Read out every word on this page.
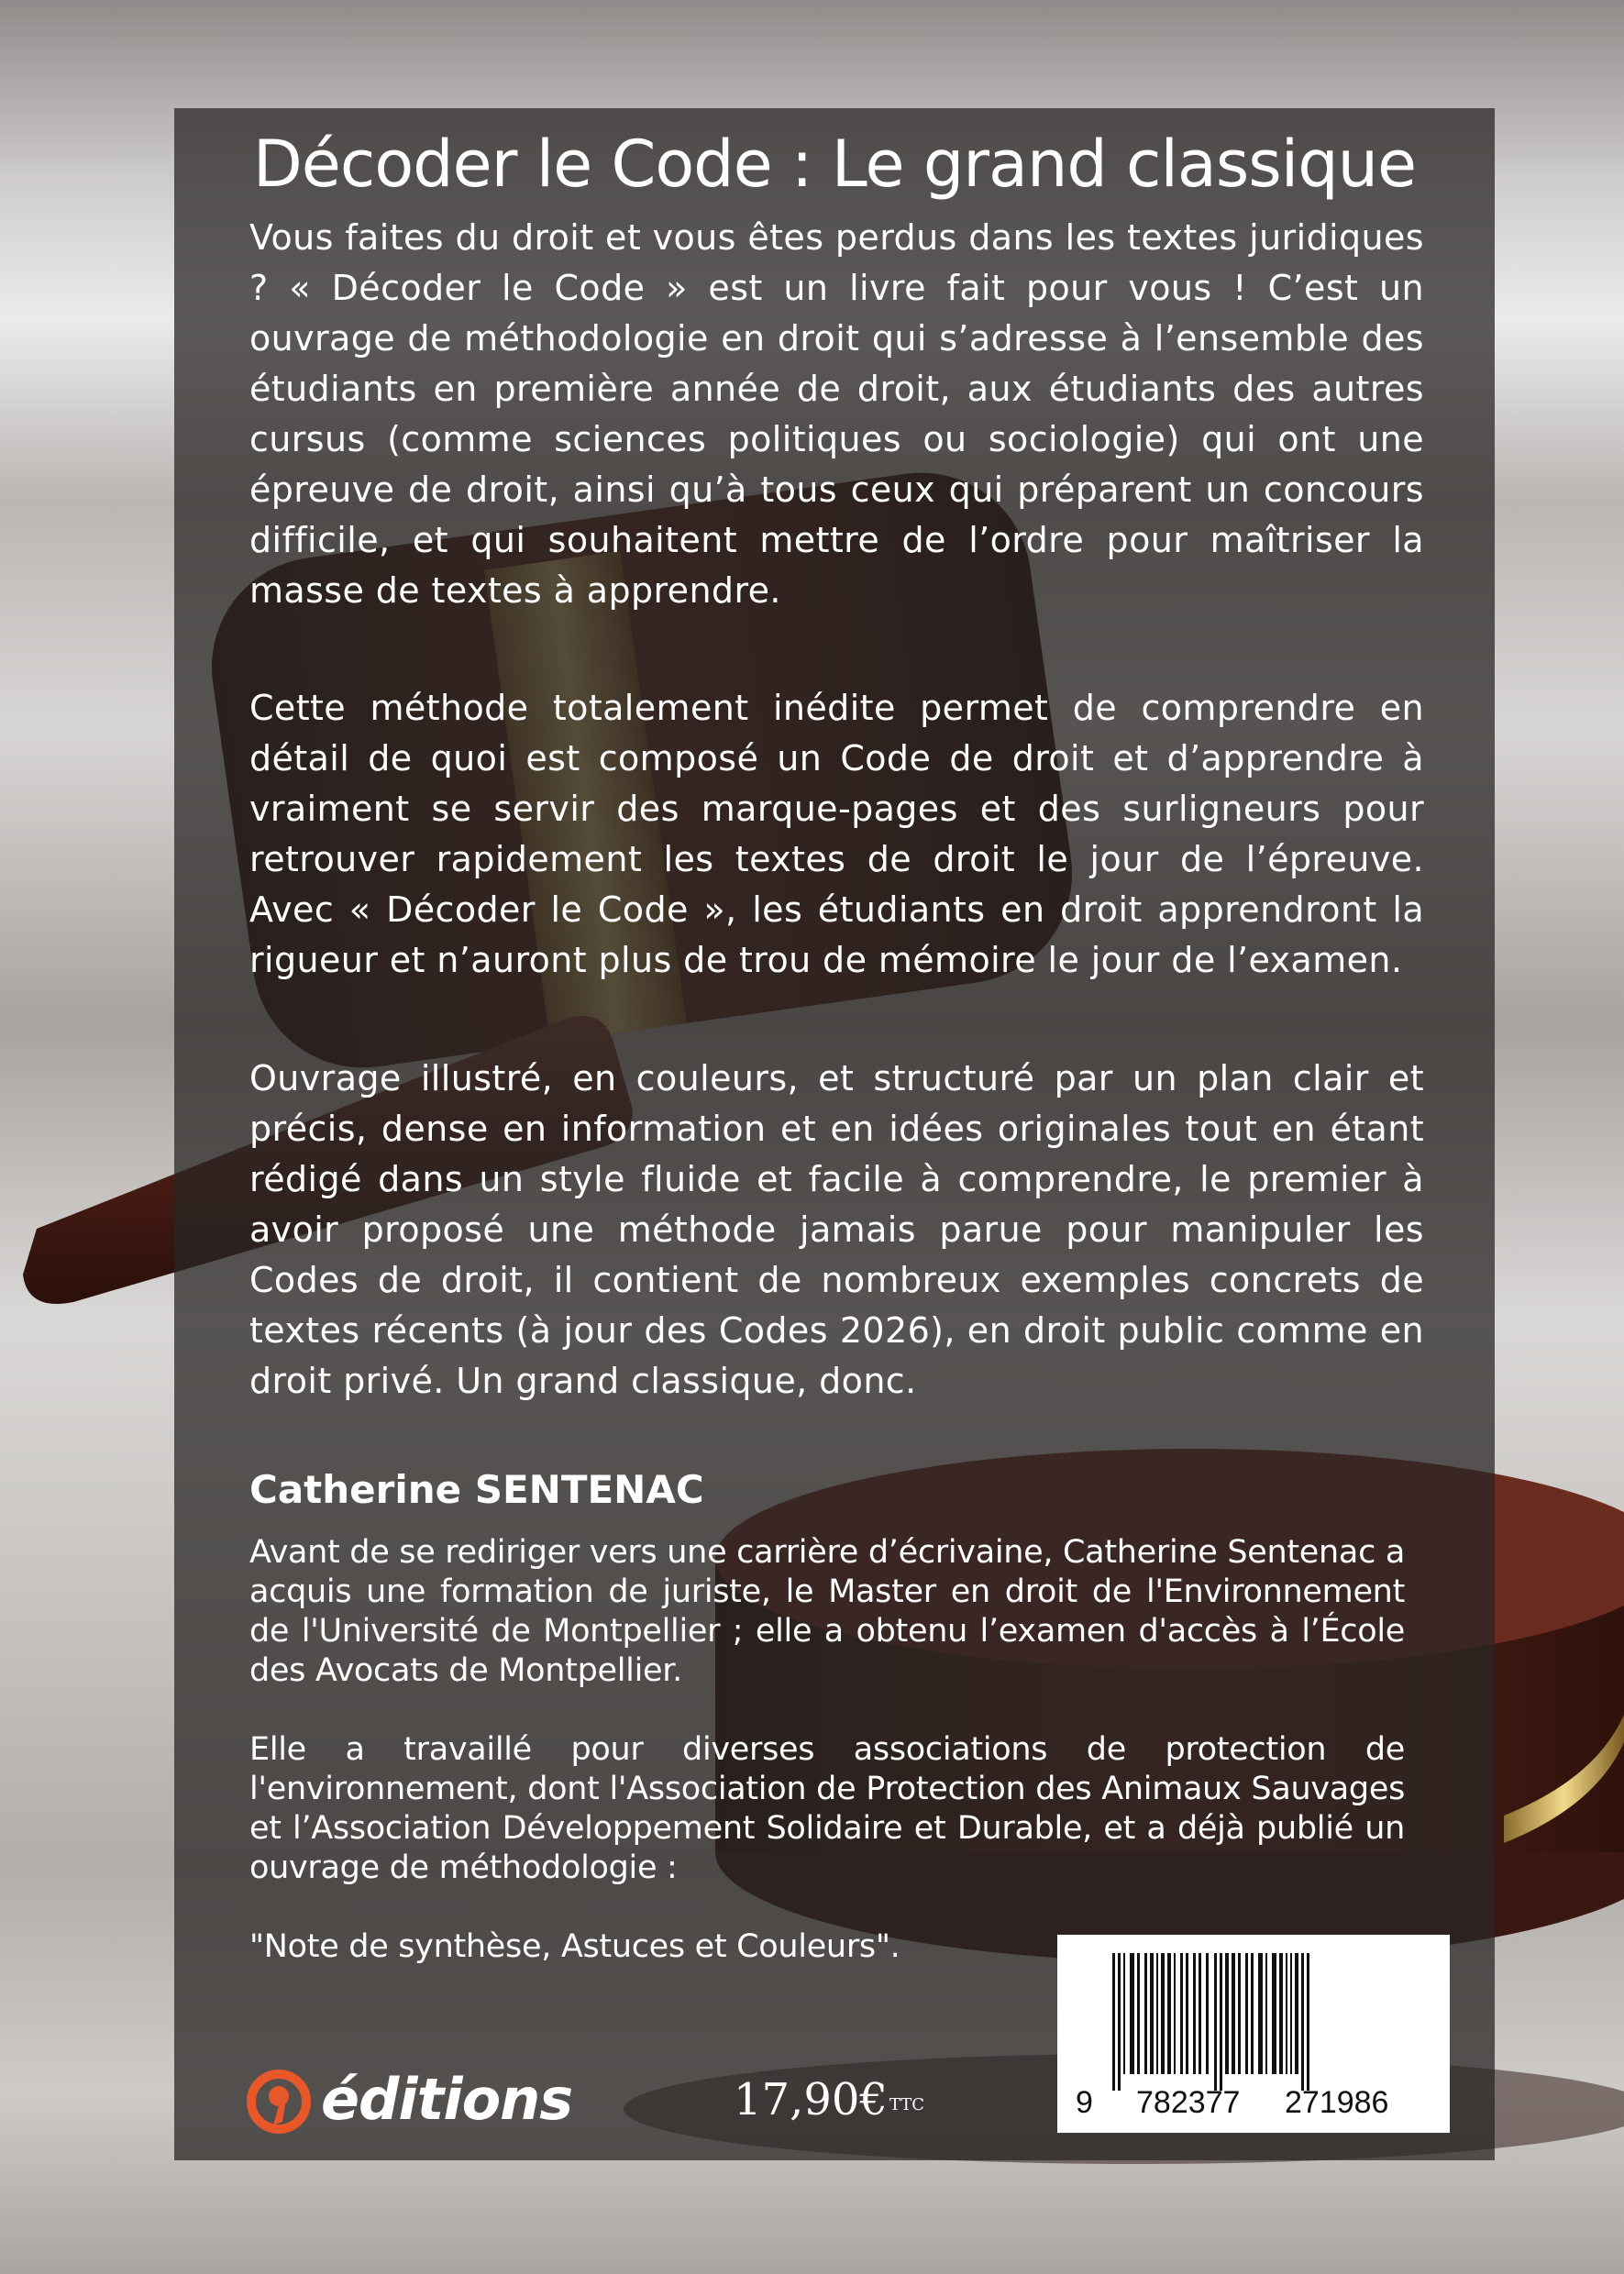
Décoder le Code : Le grand classique

Vous faites du droit et vous êtes perdus dans les textes juridiques ? « Décoder le Code » est un livre fait pour vous ! C’est un ouvrage de méthodologie en droit qui s’adresse à l’ensemble des étudiants en première année de droit, aux étudiants des autres cursus (comme sciences politiques ou sociologie) qui ont une épreuve de droit, ainsi qu’à tous ceux qui préparent un concours difficile, et qui souhaitent mettre de l’ordre pour maîtriser la masse de textes à apprendre.

Cette méthode totalement inédite permet de comprendre en détail de quoi est composé un Code de droit et d’apprendre à vraiment se servir des marque-pages et des surligneurs pour retrouver rapidement les textes de droit le jour de l’épreuve. Avec « Décoder le Code », les étudiants en droit apprendront la rigueur et n’auront plus de trou de mémoire le jour de l’examen.

Ouvrage illustré, en couleurs, et structuré par un plan clair et précis, dense en information et en idées originales tout en étant rédigé dans un style fluide et facile à comprendre, le premier à avoir proposé une méthode jamais parue pour manipuler les Codes de droit, il contient de nombreux exemples concrets de textes récents (à jour des Codes 2026), en droit public comme en droit privé. Un grand classique, donc.

Catherine SENTENAC

Avant de se rediriger vers une carrière d’écrivaine, Catherine Sentenac a acquis une formation de juriste, le Master en droit de l'Environnement de l'Université de Montpellier ; elle a obtenu l’examen d'accès à l’École des Avocats de Montpellier.

Elle a travaillé pour diverses associations de protection de l'environnement, dont l'Association de Protection des Animaux Sauvages et l’Association Développement Solidaire et Durable, et a déjà publié un ouvrage de méthodologie :

"Note de synthèse, Astuces et Couleurs".

éditions	17,90€ $^{TTC}$	9 782377 271986
